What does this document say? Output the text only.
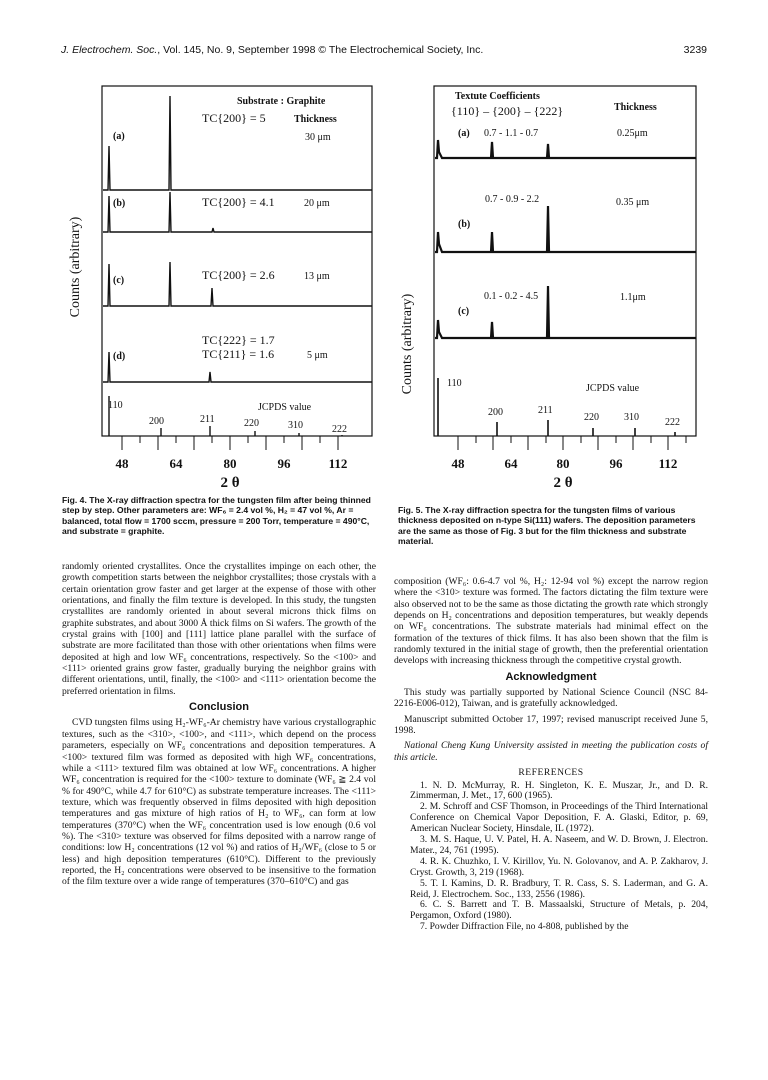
J. Electrochem. Soc., Vol. 145, No. 9, September 1998 © The Electrochemical Society, Inc.	3239
Counts (arbitrary)
Substrate : Graphite
TC{200} = 5	Thickness
(a)	30 μm
(b)	TC{200} = 4.1	20 μm
(c)	TC{200} = 2.6	13 μm
TC{222} = 1.7
(d)	TC{211} = 1.6	5 μm
110	JCPDS value
200	211	220	310	222
48	64	80	96	112
2 θ
Fig. 4. The X-ray diffraction spectra for the tungsten film after being thinned step by step. Other parameters are: WF₆ = 2.4 vol %, H₂ = 47 vol %, Ar = balanced, total flow = 1700 sccm, pressure = 200 Torr, temperature = 490°C, and substrate = graphite.
Counts (arbitrary)
Textute Coefficients
{110} – {200} – {222}	Thickness
(a) 0.7 - 1.1 - 0.7	0.25μm
0.7 - 0.9 - 2.2	0.35 μm
(b)
0.1 - 0.2 - 4.5	1.1μm
(c)
110	JCPDS value
200	211
220	310	222
48	64	80	96	112
2 θ
Fig. 5. The X-ray diffraction spectra for the tungsten films of various thickness deposited on n-type Si(111) wafers. The deposition parameters are the same as those of Fig. 3 but for the film thickness and substrate material.

randomly oriented crystallites. Once the crystallites impinge on each other, the growth competition starts between the neighbor crystallites; those crystals with a certain orientation grow faster and get larger at the expense of those with other orientations, and finally the film texture is developed. In this study, the tungsten crystallites are randomly oriented in about several microns thick films on graphite substrates, and about 3000 Å thick films on Si wafers. The growth of the crystal grains with [100] and [111] lattice plane parallel with the surface of substrate are more facilitated than those with other orientations when films were deposited at high and low WF₆ concentrations, respectively. So the <100> and <111> oriented grains grow faster, gradually burying the neighbor grains with different orientations, until, finally, the <100> and <111> orientation become the preferred orientation in films.

Conclusion

CVD tungsten films using H₂-WF₆-Ar chemistry have various crystallographic textures, such as the <310>, <100>, and <111>, which depend on the process parameters, especially on WF₆ concentrations and deposition temperatures. A <100> textured film was formed as deposited with high WF₆ concentrations, while a <111> textured film was obtained at low WF₆ concentrations. A higher WF₆ concentration is required for the <100> texture to dominate (WF₆ ≧ 2.4 vol % for 490°C, while 4.7 for 610°C) as substrate temperature increases. The <111> texture, which was frequently observed in films deposited with high deposition temperatures and gas mixture of high ratios of H₂ to WF₆, can form at low temperatures (370°C) when the WF₆ concentration used is low enough (0.6 vol %). The <310> texture was observed for films deposited with a narrow range of conditions: low H₂ concentrations (12 vol %) and ratios of H₂/WF₆ (close to 5 or less) and high deposition temperatures (610°C). Different to the previously reported, the H₂ concentrations were observed to be insensitive to the formation of the film texture over a wide range of temperatures (370–610°C) and gas

composition (WF₆: 0.6-4.7 vol %, H₂: 12-94 vol %) except the narrow region where the <310> texture was formed. The factors dictating the film texture were also observed not to be the same as those dictating the growth rate which strongly depends on H₂ concentrations and deposition temperatures, but weakly depends on WF₆ concentrations. The substrate materials had minimal effect on the formation of the textures of thick films. It has also been shown that the film is randomly textured in the initial stage of growth, then the preferential orientation develops with increasing thickness through the competitive crystal growth.

Acknowledgment

This study was partially supported by National Science Council (NSC 84-2216-E006-012), Taiwan, and is gratefully acknowledged.

Manuscript submitted October 17, 1997; revised manuscript received June 5, 1998.

National Cheng Kung University assisted in meeting the publication costs of this article.

REFERENCES

1. N. D. McMurray, R. H. Singleton, K. E. Muszar, Jr., and D. R. Zimmerman, J. Met., 17, 600 (1965).

2. M. Schroff and CSF Thomson, in Proceedings of the Third International Conference on Chemical Vapor Deposition, F. A. Glaski, Editor, p. 69, American Nuclear Society, Hinsdale, IL (1972).

3. M. S. Haque, U. V. Patel, H. A. Naseem, and W. D. Brown, J. Electron. Mater., 24, 761 (1995).

4. R. K. Chuzhko, I. V. Kirillov, Yu. N. Golovanov, and A. P. Zakharov, J. Cryst. Growth, 3, 219 (1968).

5. T. I. Kamins, D. R. Bradbury, T. R. Cass, S. S. Laderman, and G. A. Reid, J. Electrochem. Soc., 133, 2556 (1986).

6. C. S. Barrett and T. B. Massaalski, Structure of Metals, p. 204, Pergamon, Oxford (1980).

7. Powder Diffraction File, no 4-808, published by the
